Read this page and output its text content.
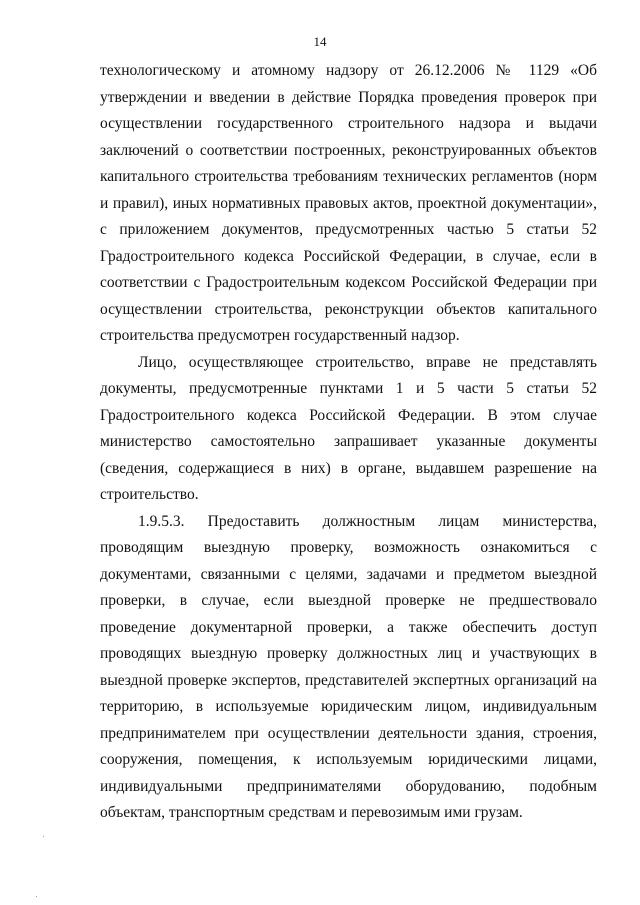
14

технологическому и атомному надзору от 26.12.2006 № 1129 «Об утверждении и введении в действие Порядка проведения проверок при осуществлении государственного строительного надзора и выдачи заключений о соответствии построенных, реконструированных объектов капитального строительства требованиям технических регламентов (норм и правил), иных нормативных правовых актов, проектной документации», с приложением документов, предусмотренных частью 5 статьи 52 Градостроительного кодекса Российской Федерации, в случае, если в соответствии с Градостроительным кодексом Российской Федерации при осуществлении строительства, реконструкции объектов капитального строительства предусмотрен государственный надзор.

Лицо, осуществляющее строительство, вправе не представлять документы, предусмотренные пунктами 1 и 5 части 5 статьи 52 Градостроительного кодекса Российской Федерации. В этом случае министерство самостоятельно запрашивает указанные документы (сведения, содержащиеся в них) в органе, выдавшем разрешение на строительство.

1.9.5.3. Предоставить должностным лицам министерства, проводящим выездную проверку, возможность ознакомиться с документами, связанными с целями, задачами и предметом выездной проверки, в случае, если выездной проверке не предшествовало проведение документарной проверки, а также обеспечить доступ проводящих выездную проверку должностных лиц и участвующих в выездной проверке экспертов, представителей экспертных организаций на территорию, в используемые юридическим лицом, индивидуальным предпринимателем при осуществлении деятельности здания, строения, сооружения, помещения, к используемым юридическими лицами, индивидуальными предпринимателями оборудованию, подобным объектам, транспортным средствам и перевозимым ими грузам.
